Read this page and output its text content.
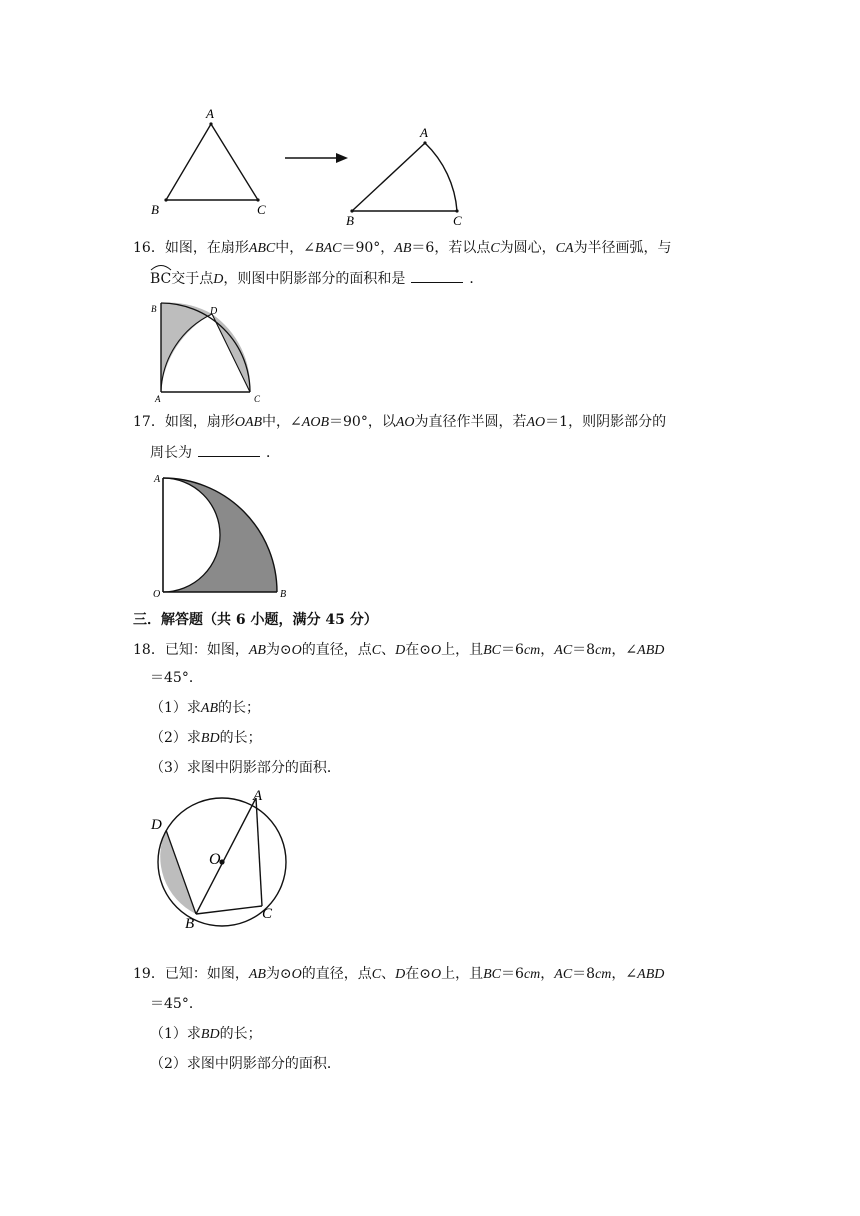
A
B	C
A
B	C
16．如图，在扇形ABC中，∠BAC＝90°，AB＝6，若以点C为圆心，CA为半径画弧，与
BC交于点D，则图中阴影部分的面积和是	．
B	D
A	C
17．如图，扇形OAB中，∠AOB＝90°，以AO为直径作半圆，若AO＝1，则阴影部分的
周长为	．
A
O	B
三．解答题（共 6 小题，满分 45 分）
18．已知：如图，AB为⊙O的直径，点C、D在⊙O上，且BC＝6cm，AC＝8cm，∠ABD
＝45°．
（1）求AB的长；
（2）求BD的长；
（3）求图中阴影部分的面积．
A
D
O
B
C
19．已知：如图，AB为⊙O的直径，点C、D在⊙O上，且BC＝6cm，AC＝8cm，∠ABD
＝45°．
（1）求BD的长；
（2）求图中阴影部分的面积．
